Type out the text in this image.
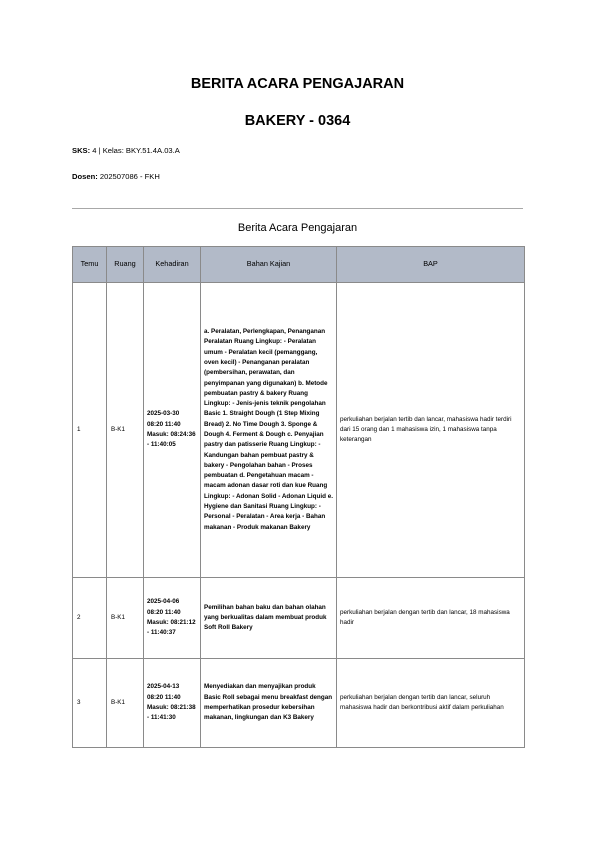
BERITA ACARA PENGAJARAN
BAKERY - 0364
SKS: 4 | Kelas: BKY.51.4A.03.A
Dosen: 202507086 - FKH
Berita Acara Pengajaran
Temu	Ruang	Kehadiran	Bahan Kajian	BAP
1	B-K1	2025-03-30 08:20 11:40 Masuk: 08:24:36 - 11:40:05	a. Peralatan, Perlengkapan, Penanganan Peralatan Ruang Lingkup: - Peralatan umum - Peralatan kecil (pemanggang, oven kecil) - Penanganan peralatan (pembersihan, perawatan, dan penyimpanan yang digunakan) b. Metode pembuatan pastry & bakery Ruang Lingkup: - Jenis-jenis teknik pengolahan Basic 1. Straight Dough (1 Step Mixing Bread) 2. No Time Dough 3. Sponge & Dough 4. Ferment & Dough c. Penyajian pastry dan patisserie Ruang Lingkup: - Kandungan bahan pembuat pastry & bakery - Pengolahan bahan - Proses pembuatan d. Pengetahuan macam - macam adonan dasar roti dan kue Ruang Lingkup: - Adonan Solid - Adonan Liquid e. Hygiene dan Sanitasi Ruang Lingkup: - Personal - Peralatan - Area kerja - Bahan makanan - Produk makanan Bakery	perkuliahan berjalan tertib dan lancar, mahasiswa hadir terdiri dari 15 orang dan 1 mahasiswa izin, 1 mahasiswa tanpa keterangan
2	B-K1	2025-04-06 08:20 11:40 Masuk: 08:21:12 - 11:40:37	Pemilihan bahan baku dan bahan olahan yang berkualitas dalam membuat produk Soft Roll Bakery	perkuliahan berjalan dengan tertib dan lancar, 18 mahasiswa hadir
3	B-K1	2025-04-13 08:20 11:40 Masuk: 08:21:38 - 11:41:30	Menyediakan dan menyajikan produk Basic Roll sebagai menu breakfast dengan memperhatikan prosedur kebersihan makanan, lingkungan dan K3 Bakery	perkuliahan berjalan dengan tertib dan lancar, seluruh mahasiswa hadir dan berkontribusi aktif dalam perkuliahan
